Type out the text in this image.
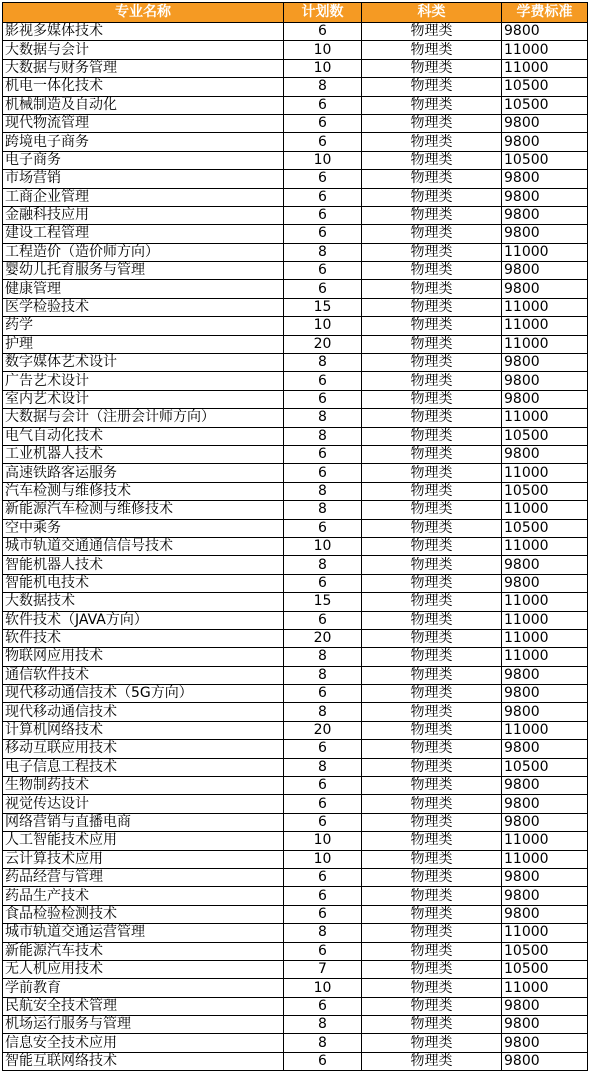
专业名称	计划数	科类	学费标准
影视多媒体技术	6	物理类	9800
大数据与会计	10	物理类	11000
大数据与财务管理	10	物理类	11000
机电一体化技术	8	物理类	10500
机械制造及自动化	6	物理类	10500
现代物流管理	6	物理类	9800
跨境电子商务	6	物理类	9800
电子商务	10	物理类	10500
市场营销	6	物理类	9800
工商企业管理	6	物理类	9800
金融科技应用	6	物理类	9800
建设工程管理	6	物理类	9800
工程造价（造价师方向）	8	物理类	11000
婴幼儿托育服务与管理	6	物理类	9800
健康管理	6	物理类	9800
医学检验技术	15	物理类	11000
药学	10	物理类	11000
护理	20	物理类	11000
数字媒体艺术设计	8	物理类	9800
广告艺术设计	6	物理类	9800
室内艺术设计	6	物理类	9800
大数据与会计（注册会计师方向）	8	物理类	11000
电气自动化技术	8	物理类	10500
工业机器人技术	6	物理类	9800
高速铁路客运服务	6	物理类	11000
汽车检测与维修技术	8	物理类	10500
新能源汽车检测与维修技术	8	物理类	11000
空中乘务	6	物理类	10500
城市轨道交通通信信号技术	10	物理类	11000
智能机器人技术	8	物理类	9800
智能机电技术	6	物理类	9800
大数据技术	15	物理类	11000
软件技术（JAVA方向）	6	物理类	11000
软件技术	20	物理类	11000
物联网应用技术	8	物理类	11000
通信软件技术	8	物理类	9800
现代移动通信技术（5G方向）	6	物理类	9800
现代移动通信技术	8	物理类	9800
计算机网络技术	20	物理类	11000
移动互联应用技术	6	物理类	9800
电子信息工程技术	8	物理类	10500
生物制药技术	6	物理类	9800
视觉传达设计	6	物理类	9800
网络营销与直播电商	6	物理类	9800
人工智能技术应用	10	物理类	11000
云计算技术应用	10	物理类	11000
药品经营与管理	6	物理类	9800
药品生产技术	6	物理类	9800
食品检验检测技术	6	物理类	9800
城市轨道交通运营管理	8	物理类	11000
新能源汽车技术	6	物理类	10500
无人机应用技术	7	物理类	10500
学前教育	10	物理类	11000
民航安全技术管理	6	物理类	9800
机场运行服务与管理	8	物理类	9800
信息安全技术应用	8	物理类	9800
智能互联网络技术	6	物理类	9800
